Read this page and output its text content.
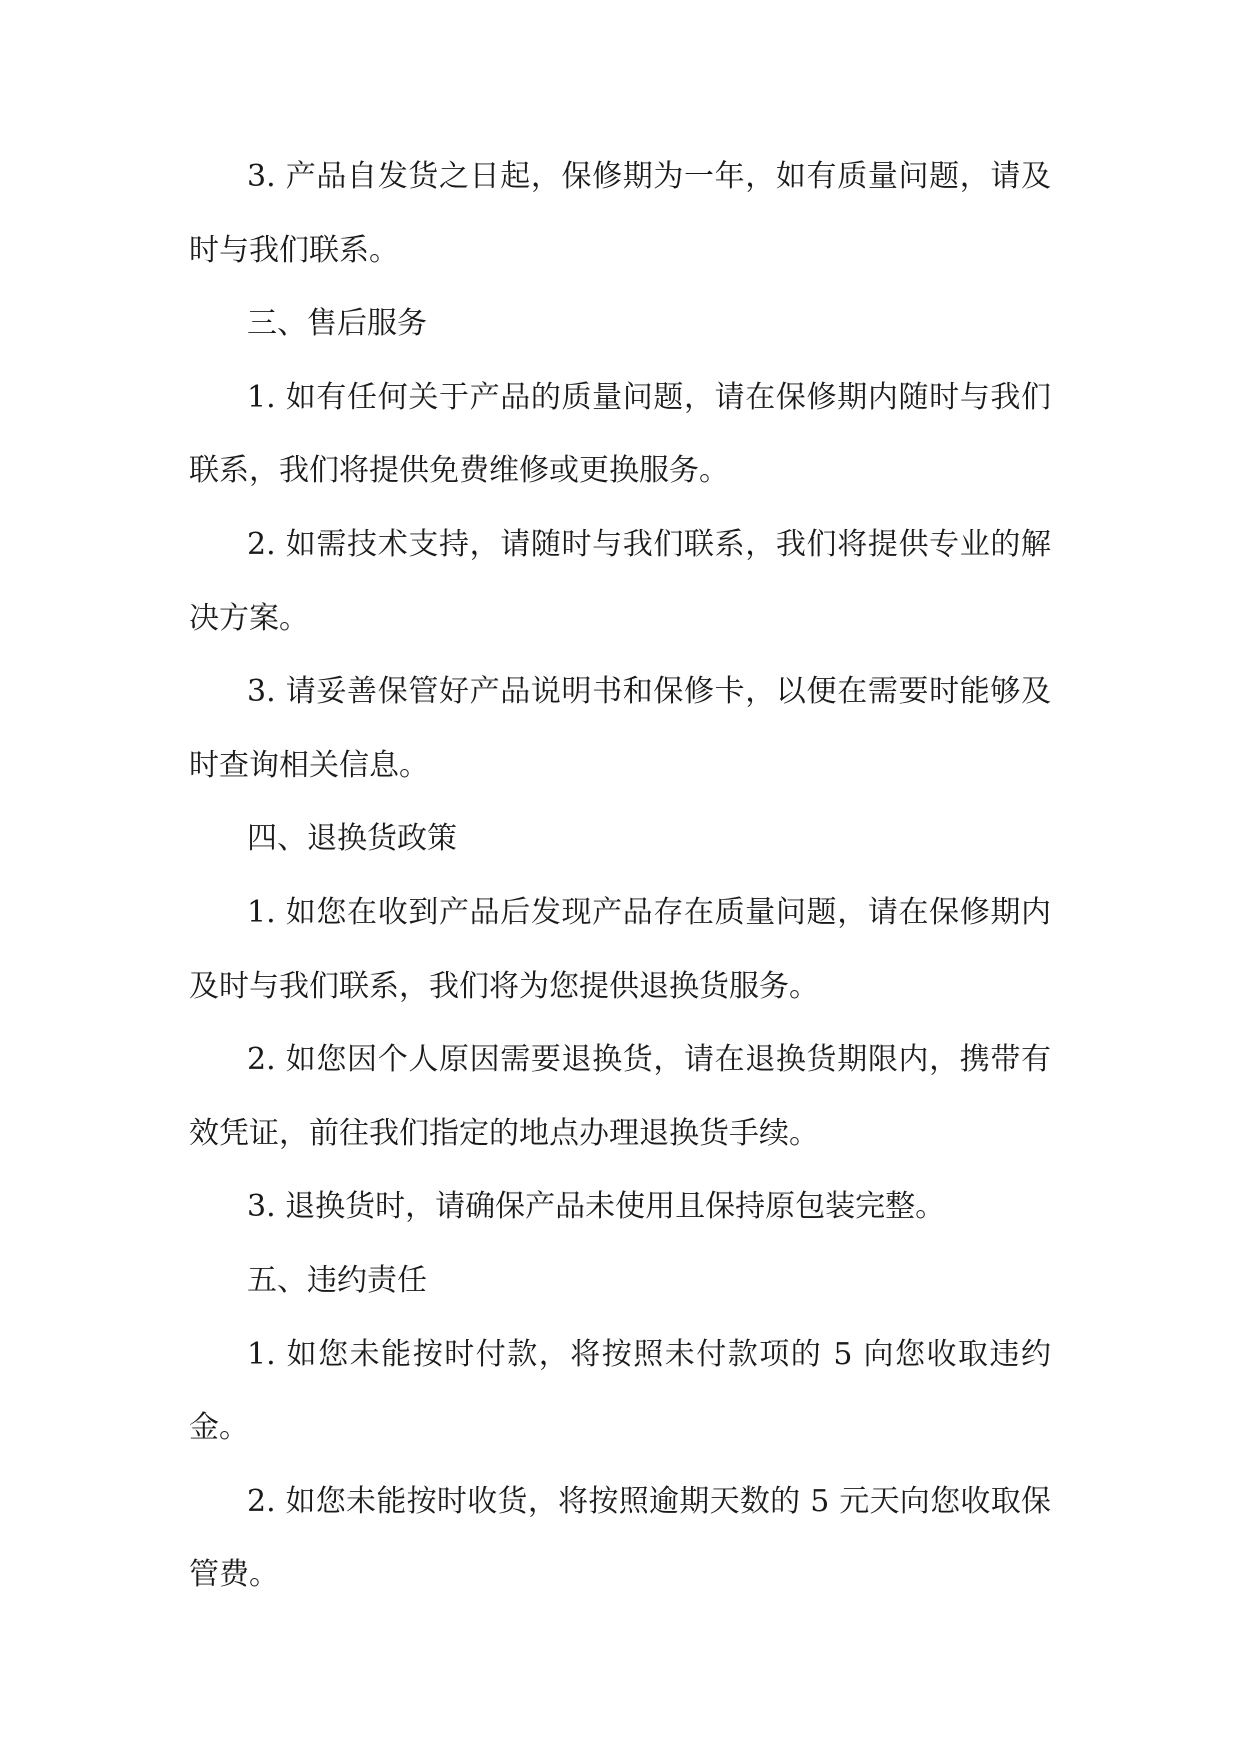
3. 产品自发货之日起，保修期为一年，如有质量问题，请及时与我们联系。

三、售后服务

1. 如有任何关于产品的质量问题，请在保修期内随时与我们联系，我们将提供免费维修或更换服务。

2. 如需技术支持，请随时与我们联系，我们将提供专业的解决方案。

3. 请妥善保管好产品说明书和保修卡，以便在需要时能够及时查询相关信息。

四、退换货政策

1. 如您在收到产品后发现产品存在质量问题，请在保修期内及时与我们联系，我们将为您提供退换货服务。

2. 如您因个人原因需要退换货，请在退换货期限内，携带有效凭证，前往我们指定的地点办理退换货手续。

3. 退换货时，请确保产品未使用且保持原包装完整。

五、违约责任

1. 如您未能按时付款，将按照未付款项的 5 向您收取违约金。

2. 如您未能按时收货，将按照逾期天数的 5 元天向您收取保管费。
